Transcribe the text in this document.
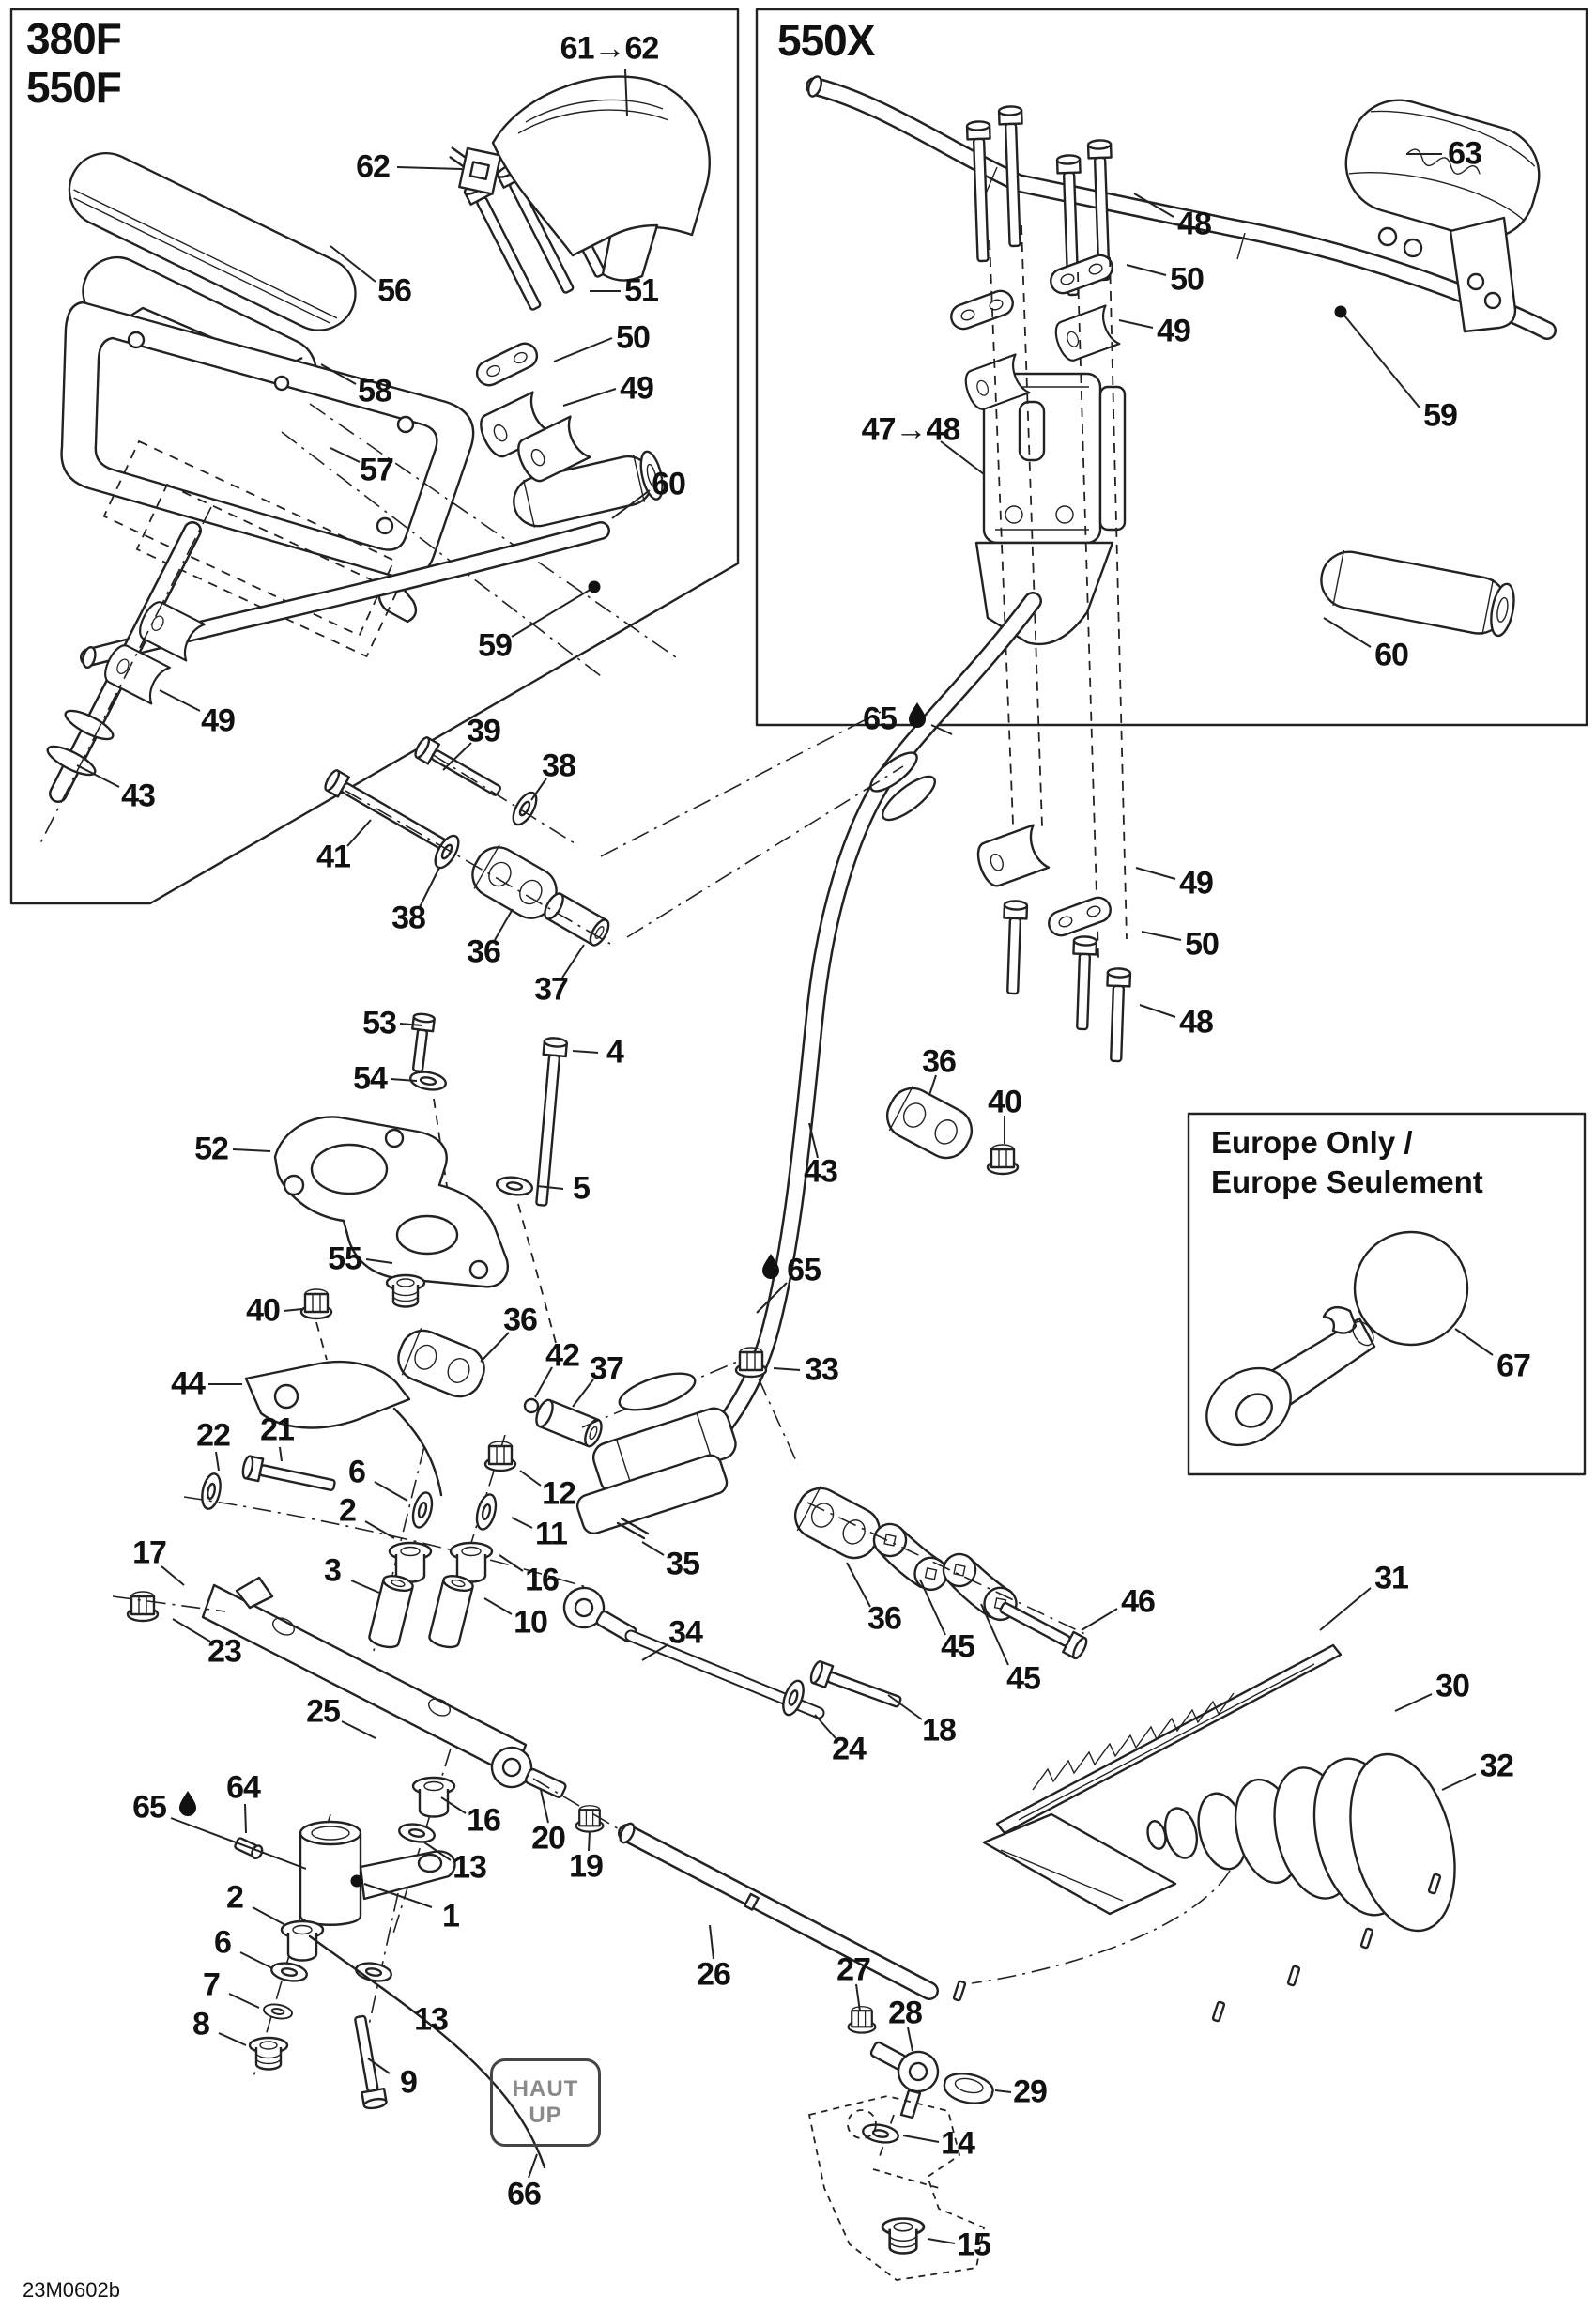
380F
550F
550X
Europe Only /
Europe Seulement
HAUT
UP
23M0602b
61→62
62
56
58
57
51
50
49
60
59
49
43
63
48
50
49
47→48	59
60
65
49
50
48
39
38
41
38
36
37
53
54
4
52
5
55
36
40
43
65
33
40
44
36
42 37
22 21
6
2
3
17
23
25
12
11
16
10
35
34	36
45
45
46
24
18
31
30
32
65
64
16
13
1
13
9
2
6
7
8
20
19
26	27
28
29
14
15
66
67
